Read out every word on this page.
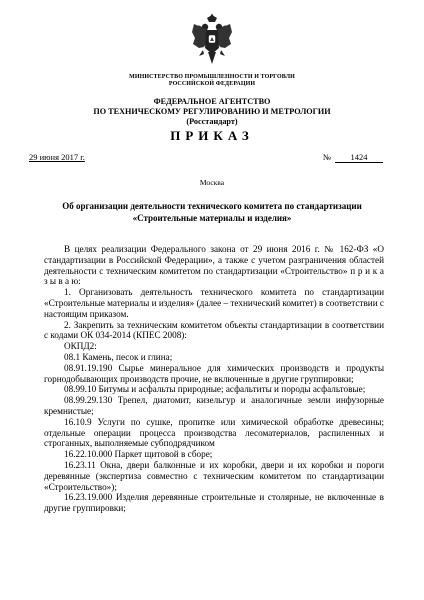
МИНИСТЕРСТВО ПРОМЫШЛЕННОСТИ И ТОРГОВЛИ
РОССИЙСКОЙ ФЕДЕРАЦИИ
ФЕДЕРАЛЬНОЕ АГЕНТСТВО
ПО ТЕХНИЧЕСКОМУ РЕГУЛИРОВАНИЮ И МЕТРОЛОГИИ
(Росстандарт)
ПРИКАЗ
29 июня 2017 г.	№	1424
Москва
Об организации деятельности технического комитета по стандартизации
«Строительные материалы и изделия»

В целях реализации Федерального закона от 29 июня 2016 г. № 162-ФЗ «О стандартизации в Российской Федерации», а также с учетом разграничения областей деятельности с техническим комитетом по стандартизации «Строительство» п р и к а з ы в а ю:

1. Организовать деятельность технического комитета по стандартизации «Строительные материалы и изделия» (далее – технический комитет) в соответствии с настоящим приказом.

2. Закрепить за техническим комитетом объекты стандартизации в соответствии с кодами ОК 034-2014 (КПЕС 2008):

ОКПД2:

08.1 Камень, песок и глина;

08.91.19.190 Сырье минеральное для химических производств и продукты горнодобывающих производств прочие, не включенные в другие группировки;

08.99.10 Битумы и асфальты природные; асфальтиты и породы асфальтовые;

08.99.29.130 Трепел, диатомит, кизельгур и аналогичные земли инфузорные кремнистые;

16.10.9 Услуги по сушке, пропитке или химической обработке древесины; отдельные операции процесса производства лесоматериалов, распиленных и строганных, выполняемые субподрядчиком

16.22.10.000 Паркет щитовой в сборе;

16.23.11 Окна, двери балконные и их коробки, двери и их коробки и пороги деревянные (экспертиза совместно с техническим комитетом по стандартизации «Строительство»);

16.23.19.000 Изделия деревянные строительные и столярные, не включенные в другие группировки;
